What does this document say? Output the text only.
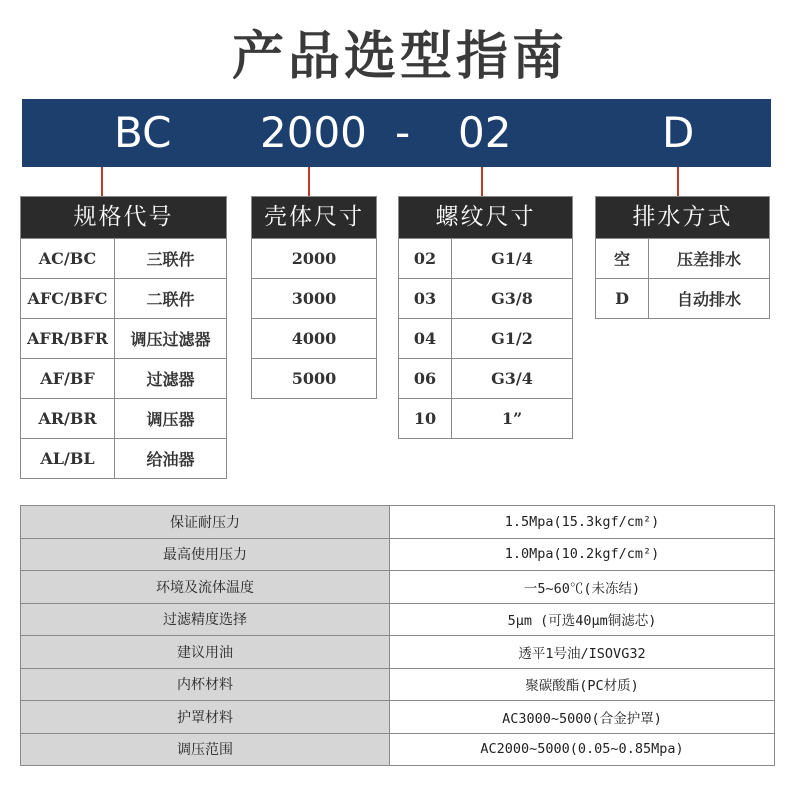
产品选型指南
BC 2000 - 02	D
规格代号
AC/BC	三联件
AFC/BFC	二联件
AFR/BFR	调压过滤器
AF/BF	过滤器
AR/BR	调压器
AL/BL	给油器
壳体尺寸
2000
3000
4000
5000
螺纹尺寸
02	G1/4
03	G3/8
04	G1/2
06	G3/4
10	1”
排水方式
空	压差排水
D	自动排水
保证耐压力	1.5Mpa(15.3kgf/cm²)
最高使用压力	1.0Mpa(10.2kgf/cm²)
环境及流体温度	一5~60℃(未冻结)
过滤精度选择	5μm (可选40μm铜滤芯)
建议用油	透平1号油/ISOVG32
内杯材料	聚碳酸酯(PC材质)
护罩材料	AC3000~5000(合金护罩)
调压范围	AC2000~5000(0.05~0.85Mpa)
